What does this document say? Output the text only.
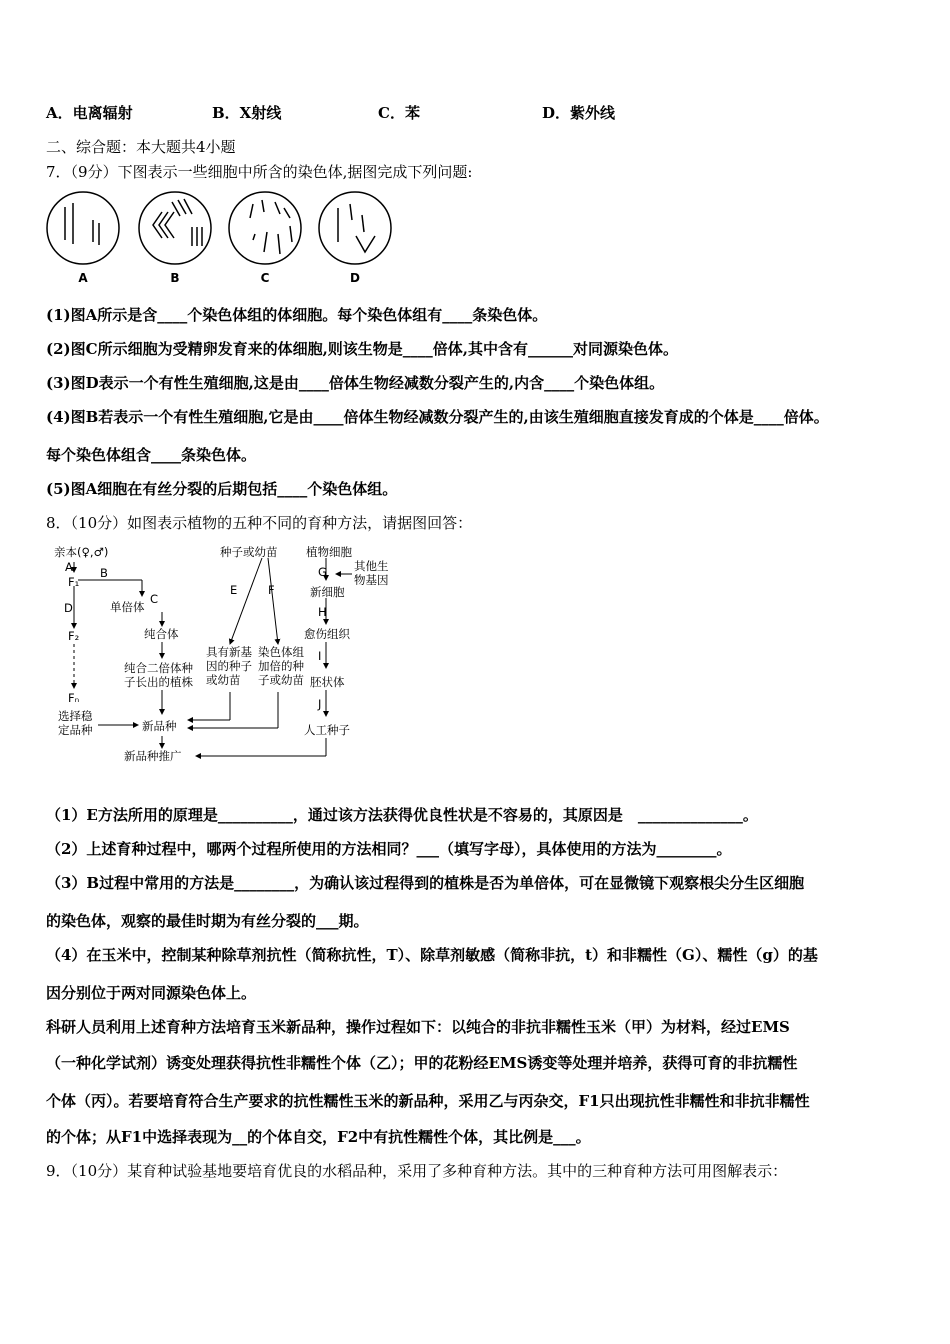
A．电离辐射	B．X射线	C．苯	D．紫外线
二、综合题：本大题共4小题
7．（9分）下图表示一些细胞中所含的染色体,据图完成下列问题:
A	B	C	D
(1)图A所示是含____个染色体组的体细胞。每个染色体组有____条染色体。
(2)图C所示细胞为受精卵发育来的体细胞,则该生物是____倍体,其中含有______对同源染色体。
(3)图D表示一个有性生殖细胞,这是由____倍体生物经减数分裂产生的,内含____个染色体组。
(4)图B若表示一个有性生殖细胞,它是由____倍体生物经减数分裂产生的,由该生殖细胞直接发育成的个体是____倍体。
每个染色体组含____条染色体。
(5)图A细胞在有丝分裂的后期包括____个染色体组。
8．（10分）如图表示植物的五种不同的育种方法，请据图回答：
亲本(♀,♂)
A
F₁
B
单倍体
C
D
F₂	纯合体
纯合二倍体种
子长出的植株
Fₙ
选择稳
定品种	新品种
新品种推广
种子或幼苗
E	F
具有新基
因的种子
或幼苗
染色体组
加倍的种
子或幼苗
植物细胞
G 其他生
物基因
新细胞
H
愈伤组织
I
胚状体
J
人工种子
（1）E方法所用的原理是__________，通过该方法获得优良性状是不容易的，其原因是　______________。
（2）上述育种过程中，哪两个过程所使用的方法相同？___（填写字母），具体使用的方法为________。
（3）B过程中常用的方法是________，为确认该过程得到的植株是否为单倍体，可在显微镜下观察根尖分生区细胞
的染色体，观察的最佳时期为有丝分裂的___期。
（4）在玉米中，控制某种除草剂抗性（简称抗性，T）、除草剂敏感（简称非抗，t）和非糯性（G）、糯性（g）的基
因分别位于两对同源染色体上。
科研人员利用上述育种方法培育玉米新品种，操作过程如下：以纯合的非抗非糯性玉米（甲）为材料，经过EMS
（一种化学试剂）诱变处理获得抗性非糯性个体（乙）；甲的花粉经EMS诱变等处理并培养，获得可育的非抗糯性
个体（丙）。若要培育符合生产要求的抗性糯性玉米的新品种，采用乙与丙杂交，F1只出现抗性非糯性和非抗非糯性
的个体；从F1中选择表现为__的个体自交，F2中有抗性糯性个体，其比例是___。
9．（10分）某育种试验基地要培育优良的水稻品种，采用了多种育种方法。其中的三种育种方法可用图解表示：
